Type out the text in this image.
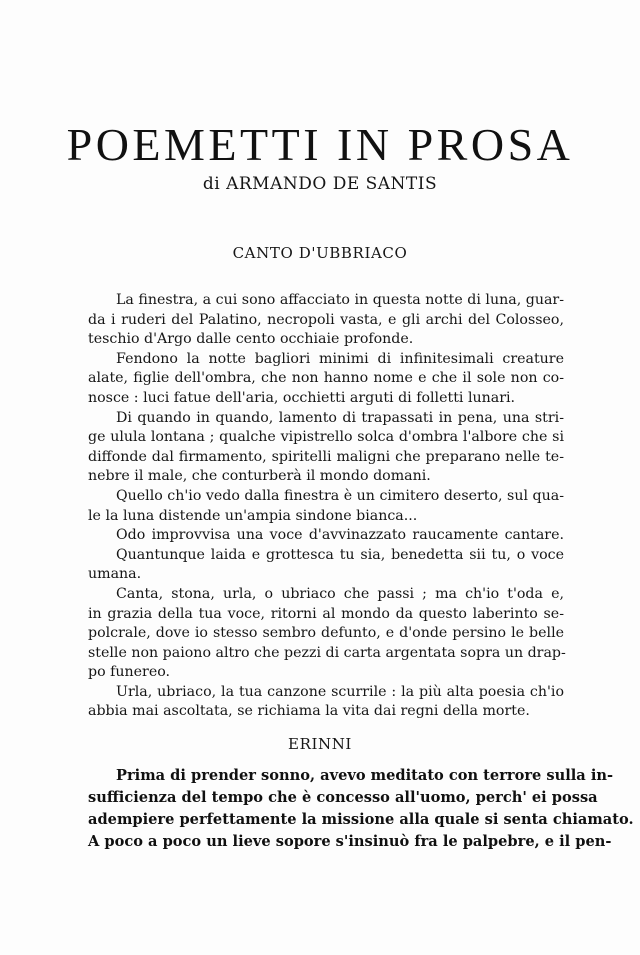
POEMETTI IN PROSA
di ARMANDO DE SANTIS
CANTO D'UBBRIACO
La finestra, a cui sono affacciato in questa notte di luna, guar-
da i ruderi del Palatino, necropoli vasta, e gli archi del Colosseo,
teschio d'Argo dalle cento occhiaie profonde.
Fendono la notte bagliori minimi di infinitesimali creature
alate, figlie dell'ombra, che non hanno nome e che il sole non co-
nosce : luci fatue dell'aria, occhietti arguti di folletti lunari.
Di quando in quando, lamento di trapassati in pena, una stri-
ge ulula lontana ; qualche vipistrello solca d'ombra l'albore che si
diffonde dal firmamento, spiritelli maligni che preparano nelle te-
nebre il male, che conturberà il mondo domani.
Quello ch'io vedo dalla finestra è un cimitero deserto, sul qua-
le la luna distende un'ampia sindone bianca...
Odo improvvisa una voce d'avvinazzato raucamente cantare.
Quantunque laida e grottesca tu sia, benedetta sii tu, o voce
umana.
Canta, stona, urla, o ubriaco che passi ; ma ch'io t'oda e,
in grazia della tua voce, ritorni al mondo da questo laberinto se-
polcrale, dove io stesso sembro defunto, e d'onde persino le belle
stelle non paiono altro che pezzi di carta argentata sopra un drap-
po funereo.
Urla, ubriaco, la tua canzone scurrile : la più alta poesia ch'io
abbia mai ascoltata, se richiama la vita dai regni della morte.
ERINNI
Prima di prender sonno, avevo meditato con terrore sulla in-
sufficienza del tempo che è concesso all'uomo, perch' ei possa
adempiere perfettamente la missione alla quale si senta chiamato.
A poco a poco un lieve sopore s'insinuò fra le palpebre, e il pen-
